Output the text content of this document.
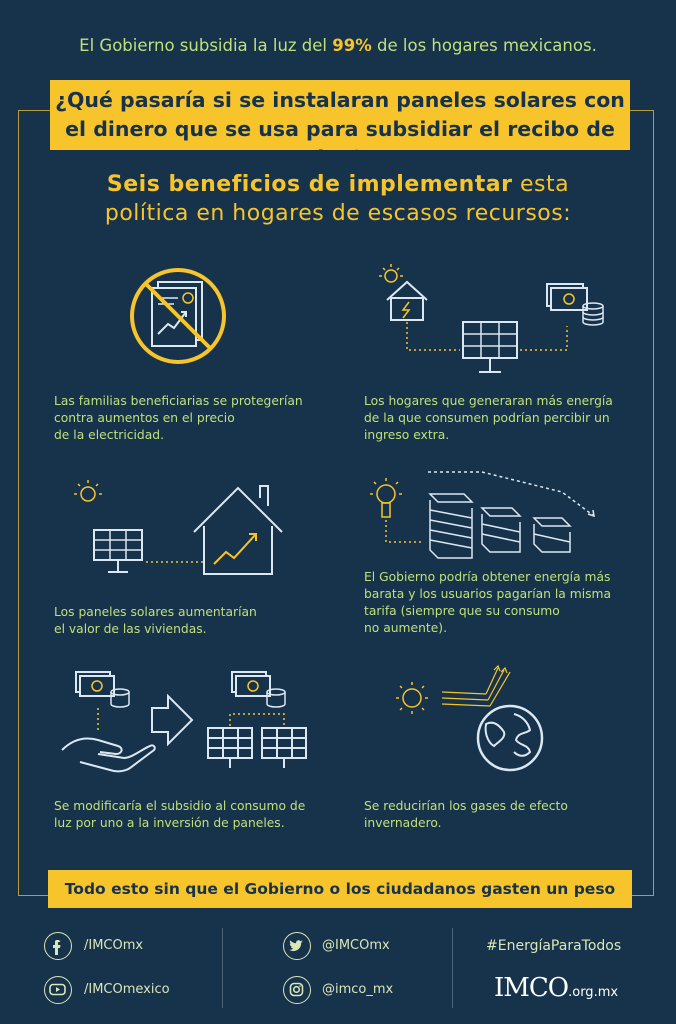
El Gobierno subsidia la luz del 99% de los hogares mexicanos.
¿Qué pasaría si se instalaran paneles solares con
el dinero que se usa para subsidiar el recibo de luz?
Seis beneficios de implementar esta
política en hogares de escasos recursos:
Las familias beneficiarias se protegerían
contra aumentos en el precio
de la electricidad.
Los hogares que generaran más energía
de la que consumen podrían percibir un
ingreso extra.
Los paneles solares aumentarían
el valor de las viviendas.
El Gobierno podría obtener energía más
barata y los usuarios pagarían la misma
tarifa (siempre que su consumo
no aumente).
Se modificaría el subsidio al consumo de
luz por uno a la inversión de paneles.
Se reducirían los gases de efecto
invernadero.
Todo esto sin que el Gobierno o los ciudadanos gasten un peso más.
/IMCOmx
/IMCOmexico
@IMCOmx
@imco_mx
#EnergíaParaTodos
IMCO.org.mx
